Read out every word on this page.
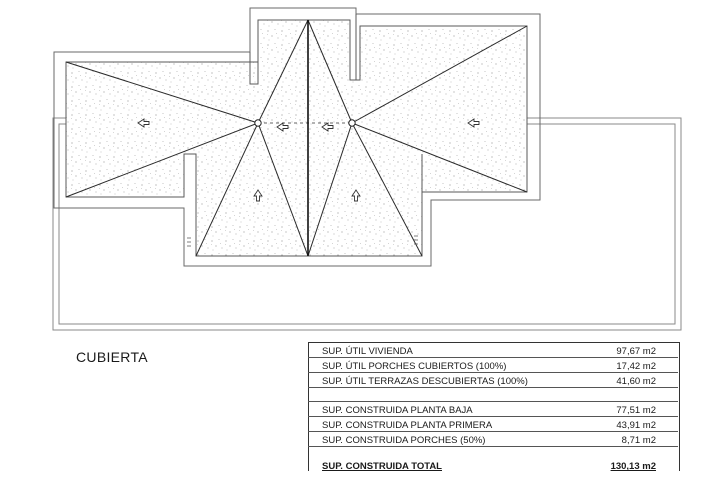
CUBIERTA	SUP. ÚTIL VIVIENDA	97,67 m2
SUP. ÚTIL PORCHES CUBIERTOS (100%)	17,42 m2
SUP. ÚTIL TERRAZAS DESCUBIERTAS (100%)	41,60 m2
SUP. CONSTRUIDA PLANTA BAJA	77,51 m2
SUP. CONSTRUIDA PLANTA PRIMERA	43,91 m2
SUP. CONSTRUIDA PORCHES (50%)	8,71 m2
SUP. CONSTRUIDA TOTAL	130,13 m2
